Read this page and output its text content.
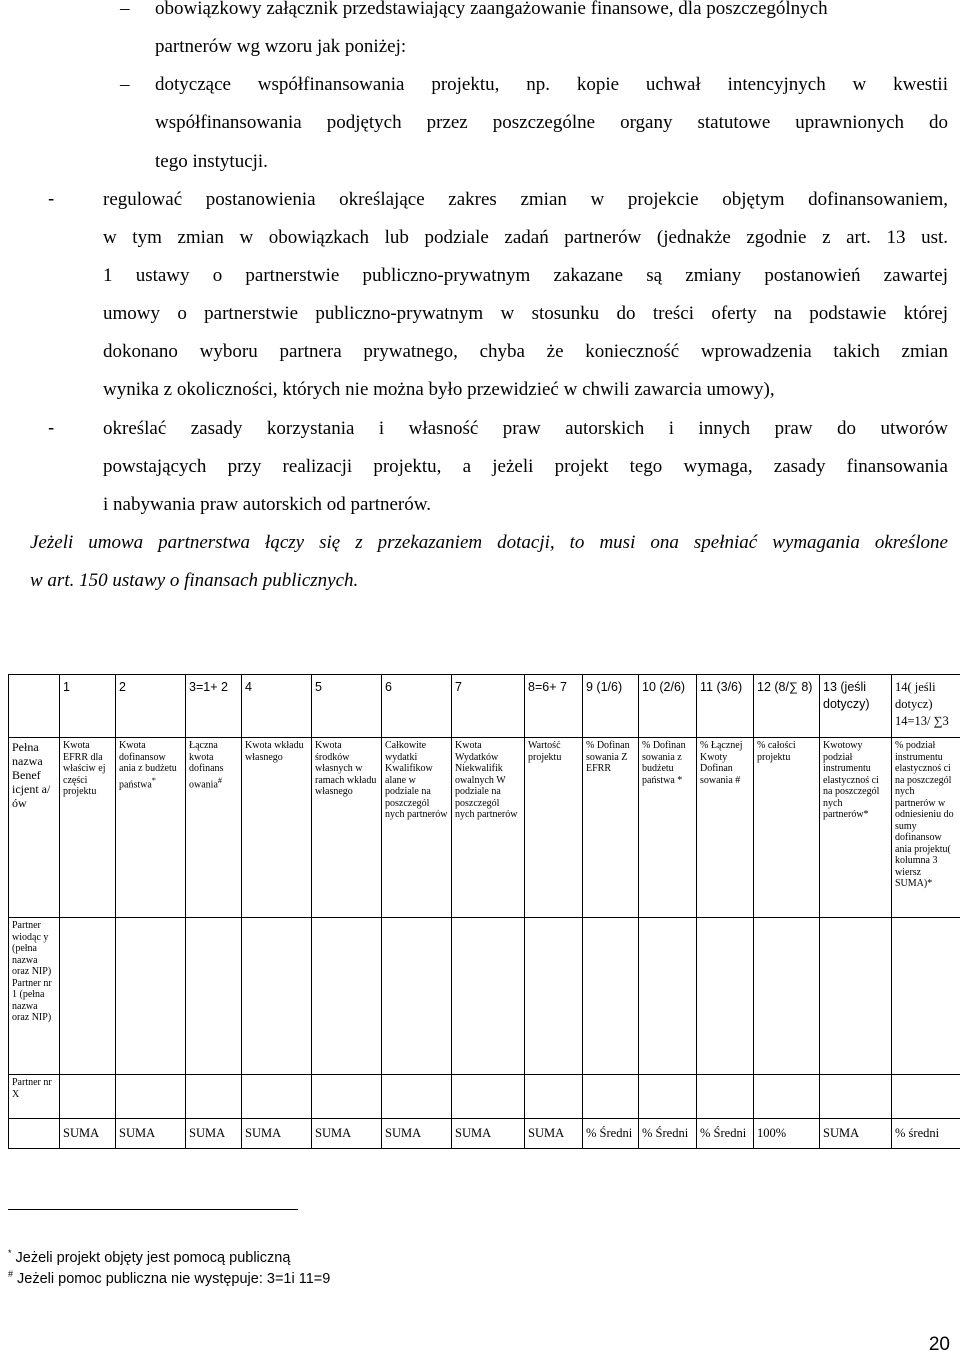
– obowiązkowy załącznik przedstawiający zaangażowanie finansowe, dla poszczególnych
partnerów wg wzoru jak poniżej:
– dotyczące współfinansowania projektu, np. kopie uchwał intencyjnych w kwestii
współfinansowania podjętych przez poszczególne organy statutowe uprawnionych do
tego instytucji.
-	regulować postanowienia określające zakres zmian w projekcie objętym dofinansowaniem,
w tym zmian w obowiązkach lub podziale zadań partnerów (jednakże zgodnie z art. 13 ust.
1 ustawy o partnerstwie publiczno-prywatnym zakazane są zmiany postanowień zawartej
umowy o partnerstwie publiczno-prywatnym w stosunku do treści oferty na podstawie której
dokonano wyboru partnera prywatnego, chyba że konieczność wprowadzenia takich zmian
wynika z okoliczności, których nie można było przewidzieć w chwili zawarcia umowy),
-	określać zasady korzystania i własność praw autorskich i innych praw do utworów
powstających przy realizacji projektu, a jeżeli projekt tego wymaga, zasady finansowania
i nabywania praw autorskich od partnerów.
Jeżeli umowa partnerstwa łączy się z przekazaniem dotacji, to musi ona spełniać wymagania określone
w art. 150 ustawy o finansach publicznych.
	1	2	3=1+ 2	4	5	6	7	8=6+ 7	9 (1/6)	10 (2/6)	11 (3/6)	12 (8/∑ 8)	13 (jeśli dotyczy)	14( jeśli dotycz) 14=13/ ∑3
Pełna nazwa Benef icjent a/ów	Kwota EFRR dla właściw ej części projektu	Kwota dofinansow ania z budżetu państwa*	Łączna kwota dofinans owania#	Kwota wkładu własnego	Kwota środków własnych w ramach wkładu własnego	Całkowite wydatki Kwalifikow alane w podziale na poszczegól nych partnerów	Kwota Wydatków Niekwalifik owalnych W podziale na poszczegól nych partnerów	Wartość projektu	% Dofinan sowania Z EFRR	% Dofinan sowania z budżetu państwa *	% Łącznej Kwoty Dofinan sowania #	% całości projektu	Kwotowy podział instrumentu elastycznoś ci na poszczegól nych partnerów*	% podział instrumentu elastycznoś ci na poszczegól nych partnerów w odniesieniu do sumy dofinansow ania projektu( kolumna 3 wiersz SUMA)*
Partner wiodąc y (pełna nazwa oraz NIP) Partner nr 1 (pełna nazwa oraz NIP)														
Partner nr X														
	SUMA	SUMA	SUMA	SUMA	SUMA	SUMA	SUMA	SUMA	% Średni	% Średni	% Średni	100%	SUMA	% średni
* Jeżeli projekt objęty jest pomocą publiczną
# Jeżeli pomoc publiczna nie występuje: 3=1i 11=9
20
